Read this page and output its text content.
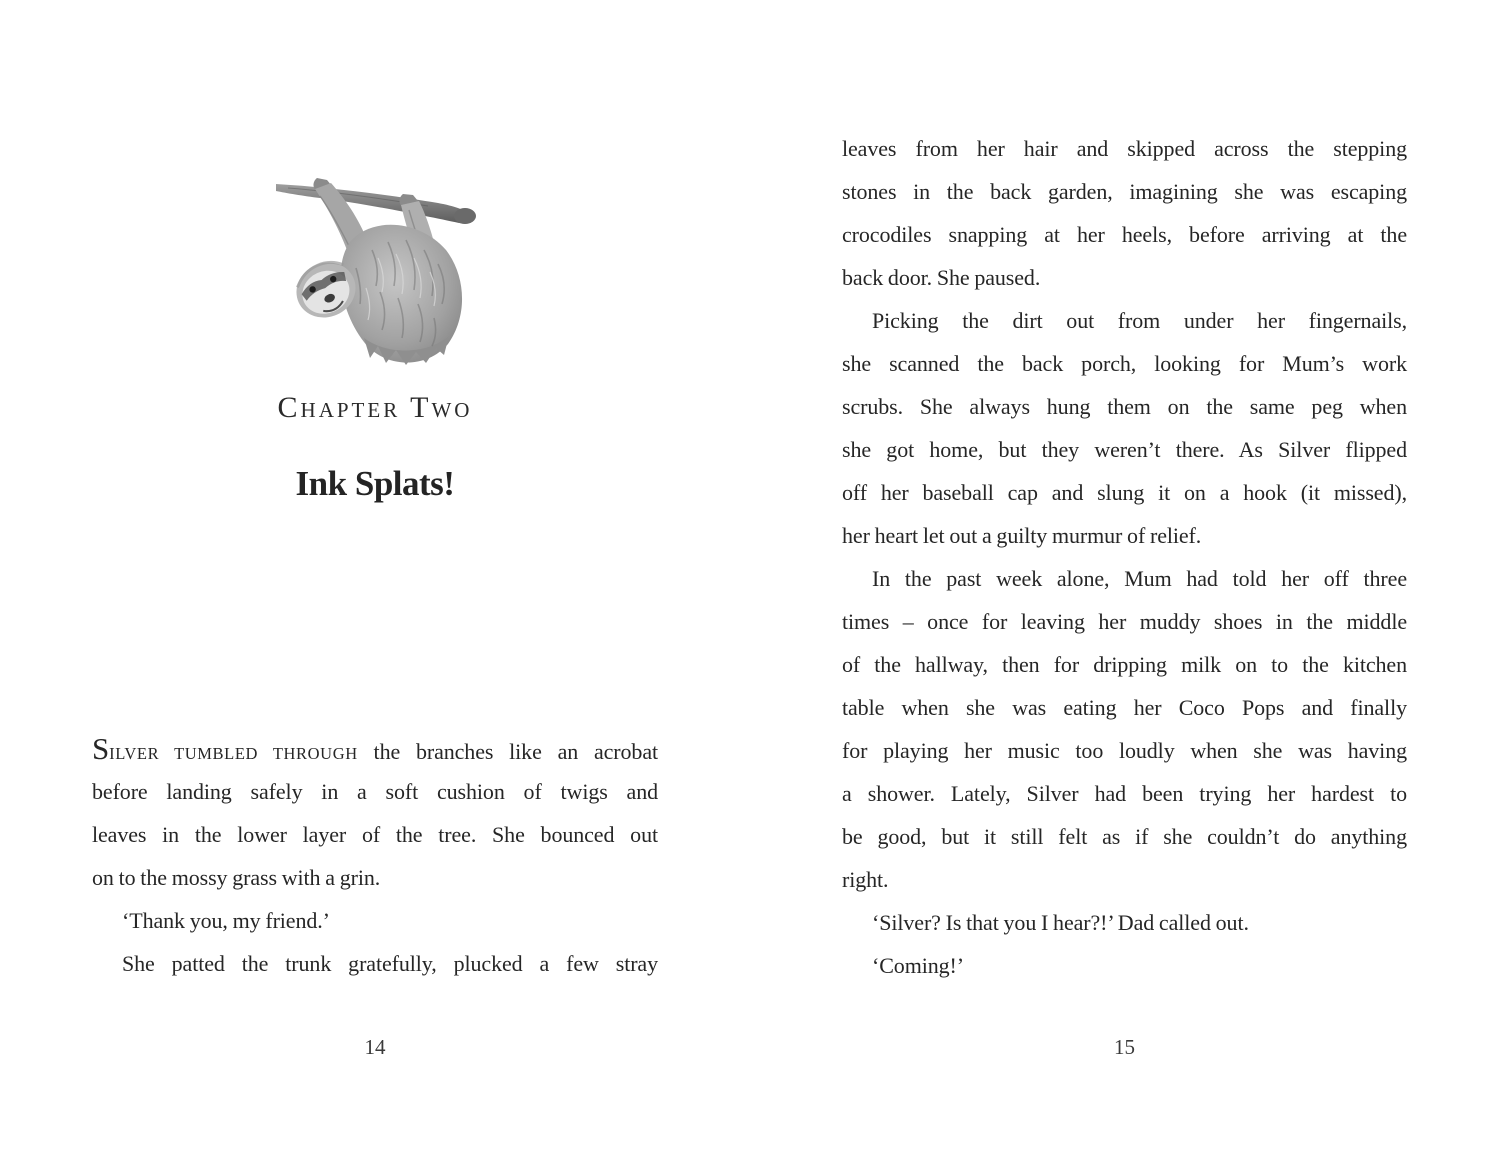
Chapter Two
Ink Splats!
SILVER TUMBLED THROUGH the branches like an acrobat
before landing safely in a soft cushion of twigs and
leaves in the lower layer of the tree. She bounced out
on to the mossy grass with a grin.
‘Thank you, my friend.’
She patted the trunk gratefully, plucked a few stray
14
leaves from her hair and skipped across the stepping
stones in the back garden, imagining she was escaping
crocodiles snapping at her heels, before arriving at the
back door. She paused.
Picking the dirt out from under her fingernails,
she scanned the back porch, looking for Mum’s work
scrubs. She always hung them on the same peg when
she got home, but they weren’t there. As Silver flipped
off her baseball cap and slung it on a hook (it missed),
her heart let out a guilty murmur of relief.
In the past week alone, Mum had told her off three
times – once for leaving her muddy shoes in the middle
of the hallway, then for dripping milk on to the kitchen
table when she was eating her Coco Pops and finally
for playing her music too loudly when she was having
a shower. Lately, Silver had been trying her hardest to
be good, but it still felt as if she couldn’t do anything
right.
‘Silver? Is that you I hear?!’ Dad called out.
‘Coming!’
15
